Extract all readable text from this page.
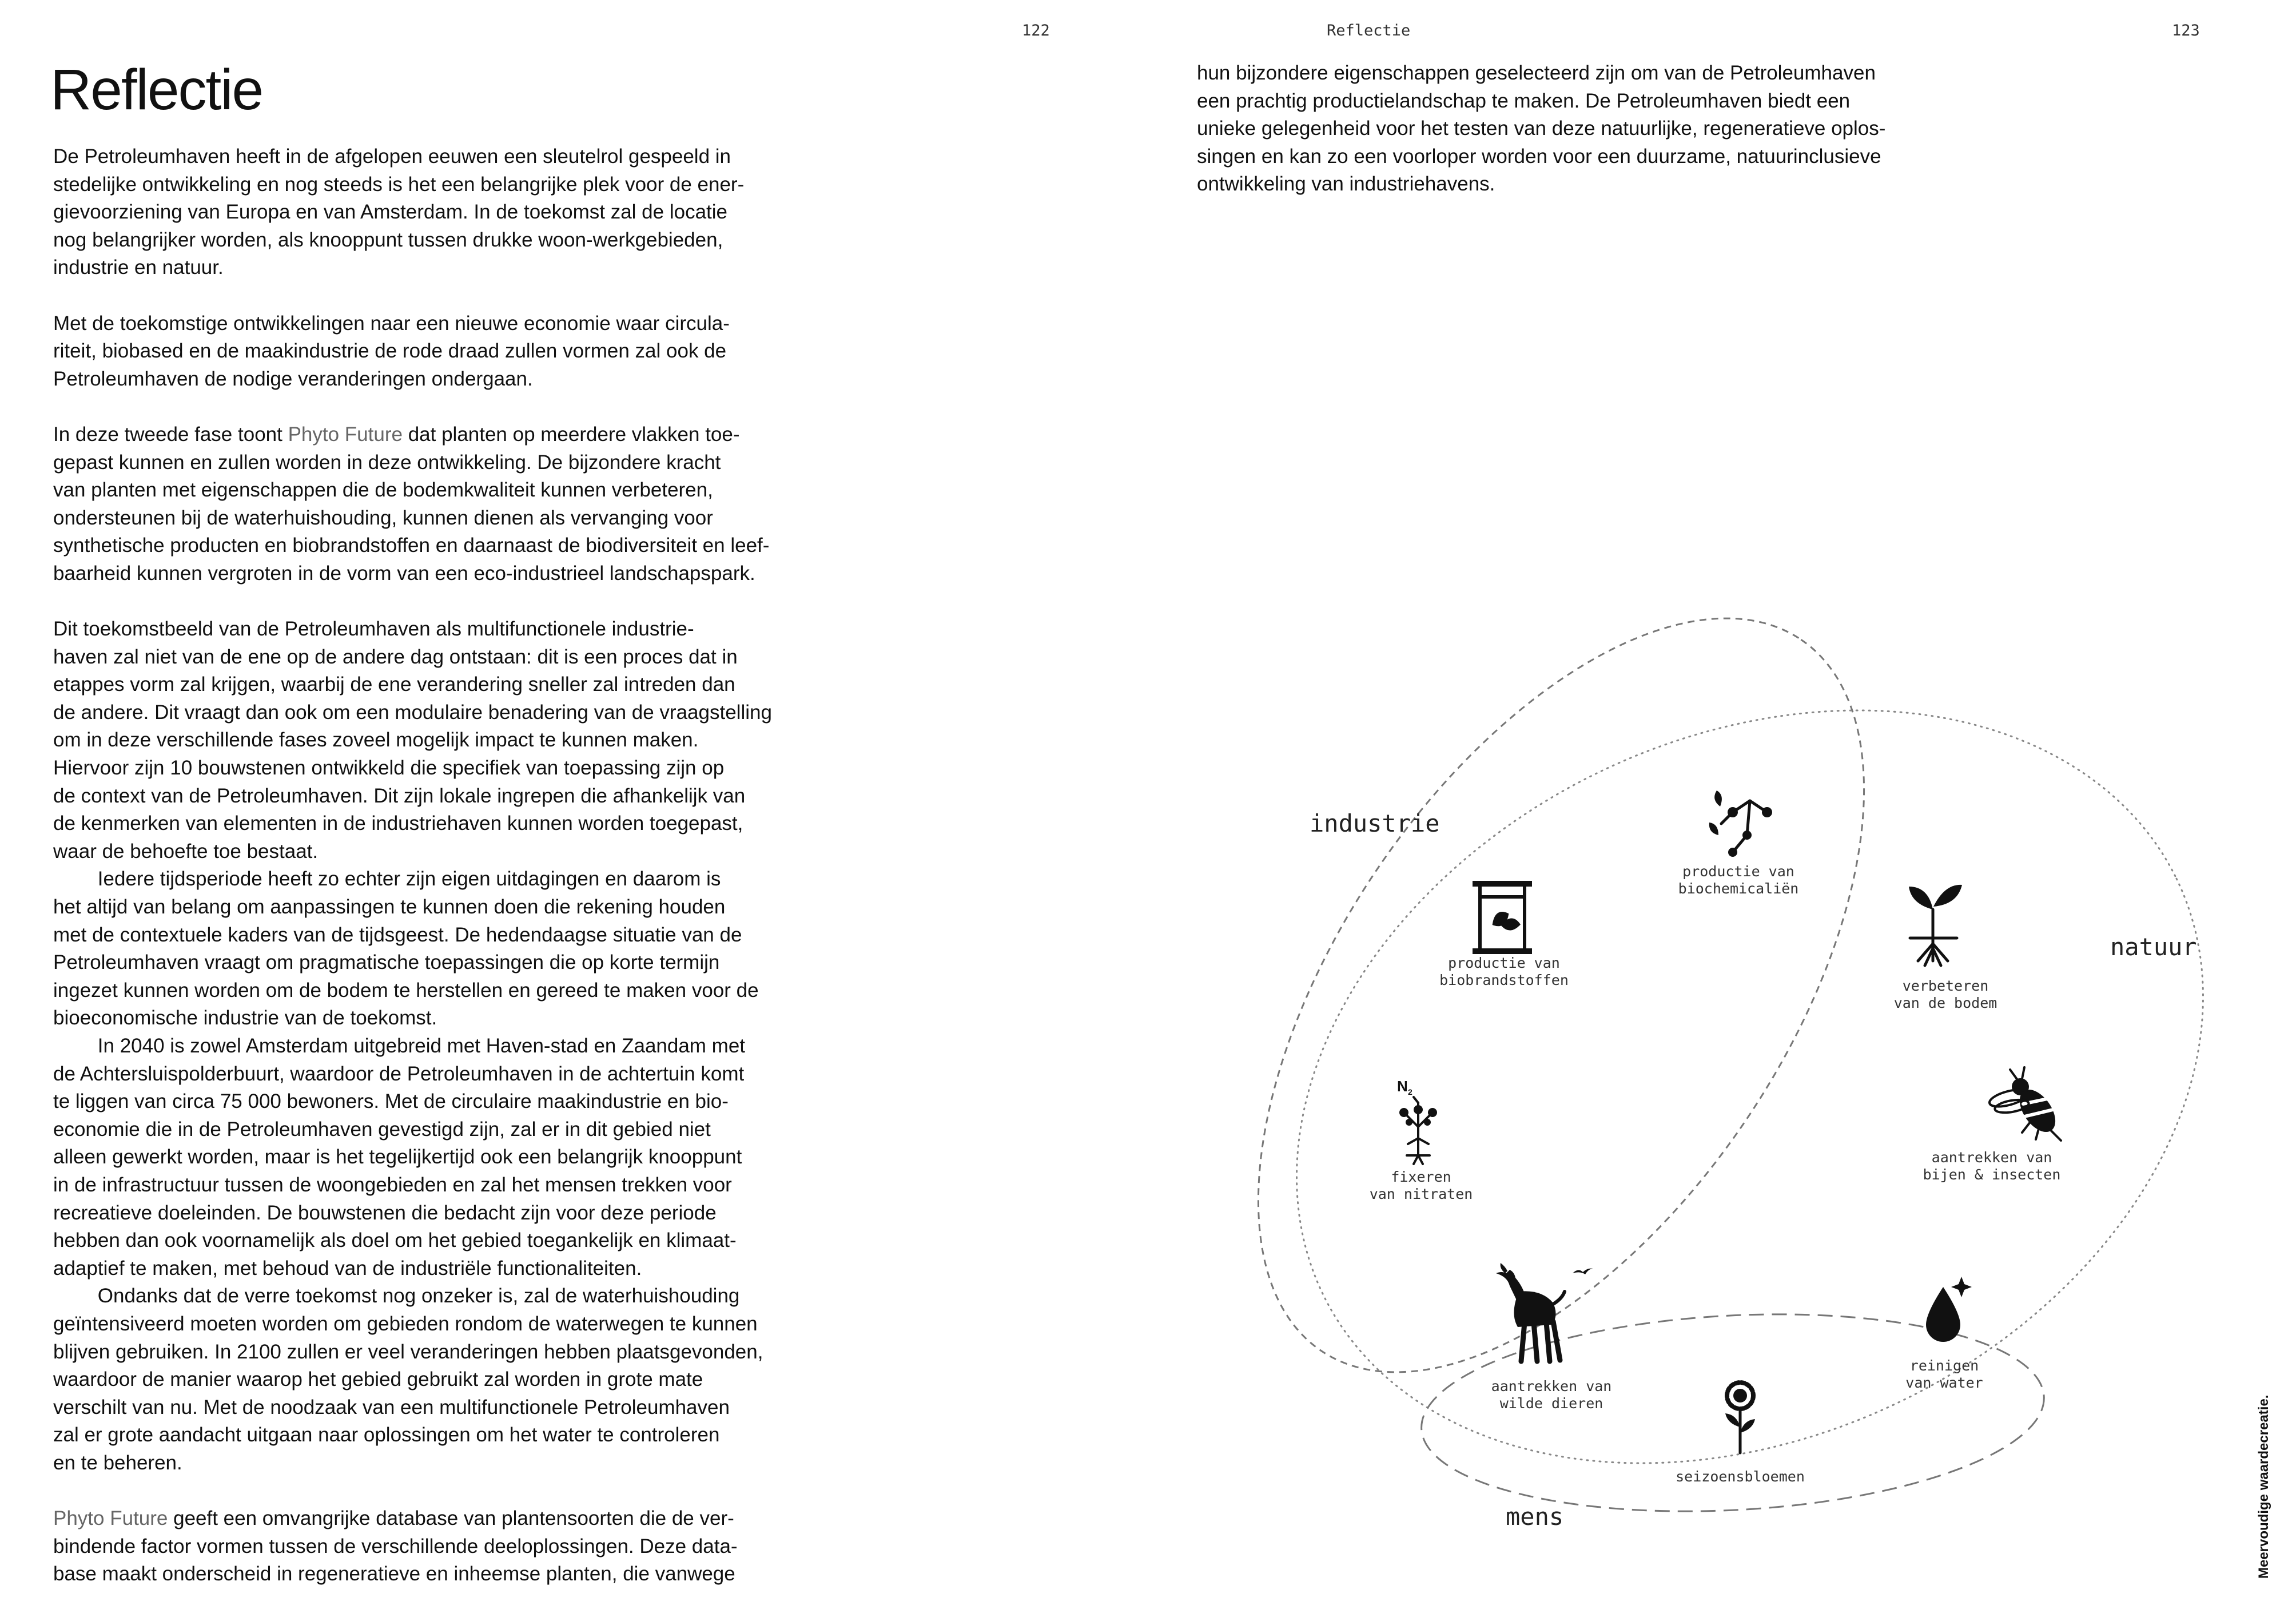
122	Reflectie	123
Reflectie
De Petroleumhaven heeft in de afgelopen eeuwen een sleutelrol gespeeld in
stedelijke ontwikkeling en nog steeds is het een belangrijke plek voor de ener-
gievoorziening van Europa en van Amsterdam. In de toekomst zal de locatie
nog belangrijker worden, als knooppunt tussen drukke woon-werkgebieden,
industrie en natuur.
Met de toekomstige ontwikkelingen naar een nieuwe economie waar circula-
riteit, biobased en de maakindustrie de rode draad zullen vormen zal ook de
Petroleumhaven de nodige veranderingen ondergaan.
In deze tweede fase toont Phyto Future dat planten op meerdere vlakken toe-
gepast kunnen en zullen worden in deze ontwikkeling. De bijzondere kracht
van planten met eigenschappen die de bodemkwaliteit kunnen verbeteren,
ondersteunen bij de waterhuishouding, kunnen dienen als vervanging voor
synthetische producten en biobrandstoffen en daarnaast de biodiversiteit en leef-
baarheid kunnen vergroten in de vorm van een eco-industrieel landschapspark.
Dit toekomstbeeld van de Petroleumhaven als multifunctionele industrie-
haven zal niet van de ene op de andere dag ontstaan: dit is een proces dat in
etappes vorm zal krijgen, waarbij de ene verandering sneller zal intreden dan
de andere. Dit vraagt dan ook om een modulaire benadering van de vraagstelling
om in deze verschillende fases zoveel mogelijk impact te kunnen maken.
Hiervoor zijn 10 bouwstenen ontwikkeld die specifiek van toepassing zijn op
de context van de Petroleumhaven. Dit zijn lokale ingrepen die afhankelijk van
de kenmerken van elementen in de industriehaven kunnen worden toegepast,
waar de behoefte toe bestaat.
Iedere tijdsperiode heeft zo echter zijn eigen uitdagingen en daarom is
het altijd van belang om aanpassingen te kunnen doen die rekening houden
met de contextuele kaders van de tijdsgeest. De hedendaagse situatie van de
Petroleumhaven vraagt om pragmatische toepassingen die op korte termijn
ingezet kunnen worden om de bodem te herstellen en gereed te maken voor de
bioeconomische industrie van de toekomst.
In 2040 is zowel Amsterdam uitgebreid met Haven-stad en Zaandam met
de Achtersluispolderbuurt, waardoor de Petroleumhaven in de achtertuin komt
te liggen van circa 75 000 bewoners. Met de circulaire maakindustrie en bio-
economie die in de Petroleumhaven gevestigd zijn, zal er in dit gebied niet
alleen gewerkt worden, maar is het tegelijkertijd ook een belangrijk knooppunt
in de infrastructuur tussen de woongebieden en zal het mensen trekken voor
recreatieve doeleinden. De bouwstenen die bedacht zijn voor deze periode
hebben dan ook voornamelijk als doel om het gebied toegankelijk en klimaat-
adaptief te maken, met behoud van de industriële functionaliteiten.
Ondanks dat de verre toekomst nog onzeker is, zal de waterhuishouding
geïntensiveerd moeten worden om gebieden rondom de waterwegen te kunnen
blijven gebruiken. In 2100 zullen er veel veranderingen hebben plaatsgevonden,
waardoor de manier waarop het gebied gebruikt zal worden in grote mate
verschilt van nu. Met de noodzaak van een multifunctionele Petroleumhaven
zal er grote aandacht uitgaan naar oplossingen om het water te controleren
en te beheren.
Phyto Future geeft een omvangrijke database van plantensoorten die de ver-
bindende factor vormen tussen de verschillende deeloplossingen. Deze data-
base maakt onderscheid in regeneratieve en inheemse planten, die vanwege
hun bijzondere eigenschappen geselecteerd zijn om van de Petroleumhaven
een prachtig productielandschap te maken. De Petroleumhaven biedt een
unieke gelegenheid voor het testen van deze natuurlijke, regeneratieve oplos-
singen en kan zo een voorloper worden voor een duurzame, natuurinclusieve
ontwikkeling van industriehavens.
industrie
natuur
mens
productie van
biochemicaliën
productie van
biobrandstoffen	verbeteren
van de bodem
N 2
fixeren
van nitraten
aantrekken van
bijen & insecten
aantrekken van
wilde dieren
reinigen
van water
seizoensbloemen	Meervoudige waardecreatie.
